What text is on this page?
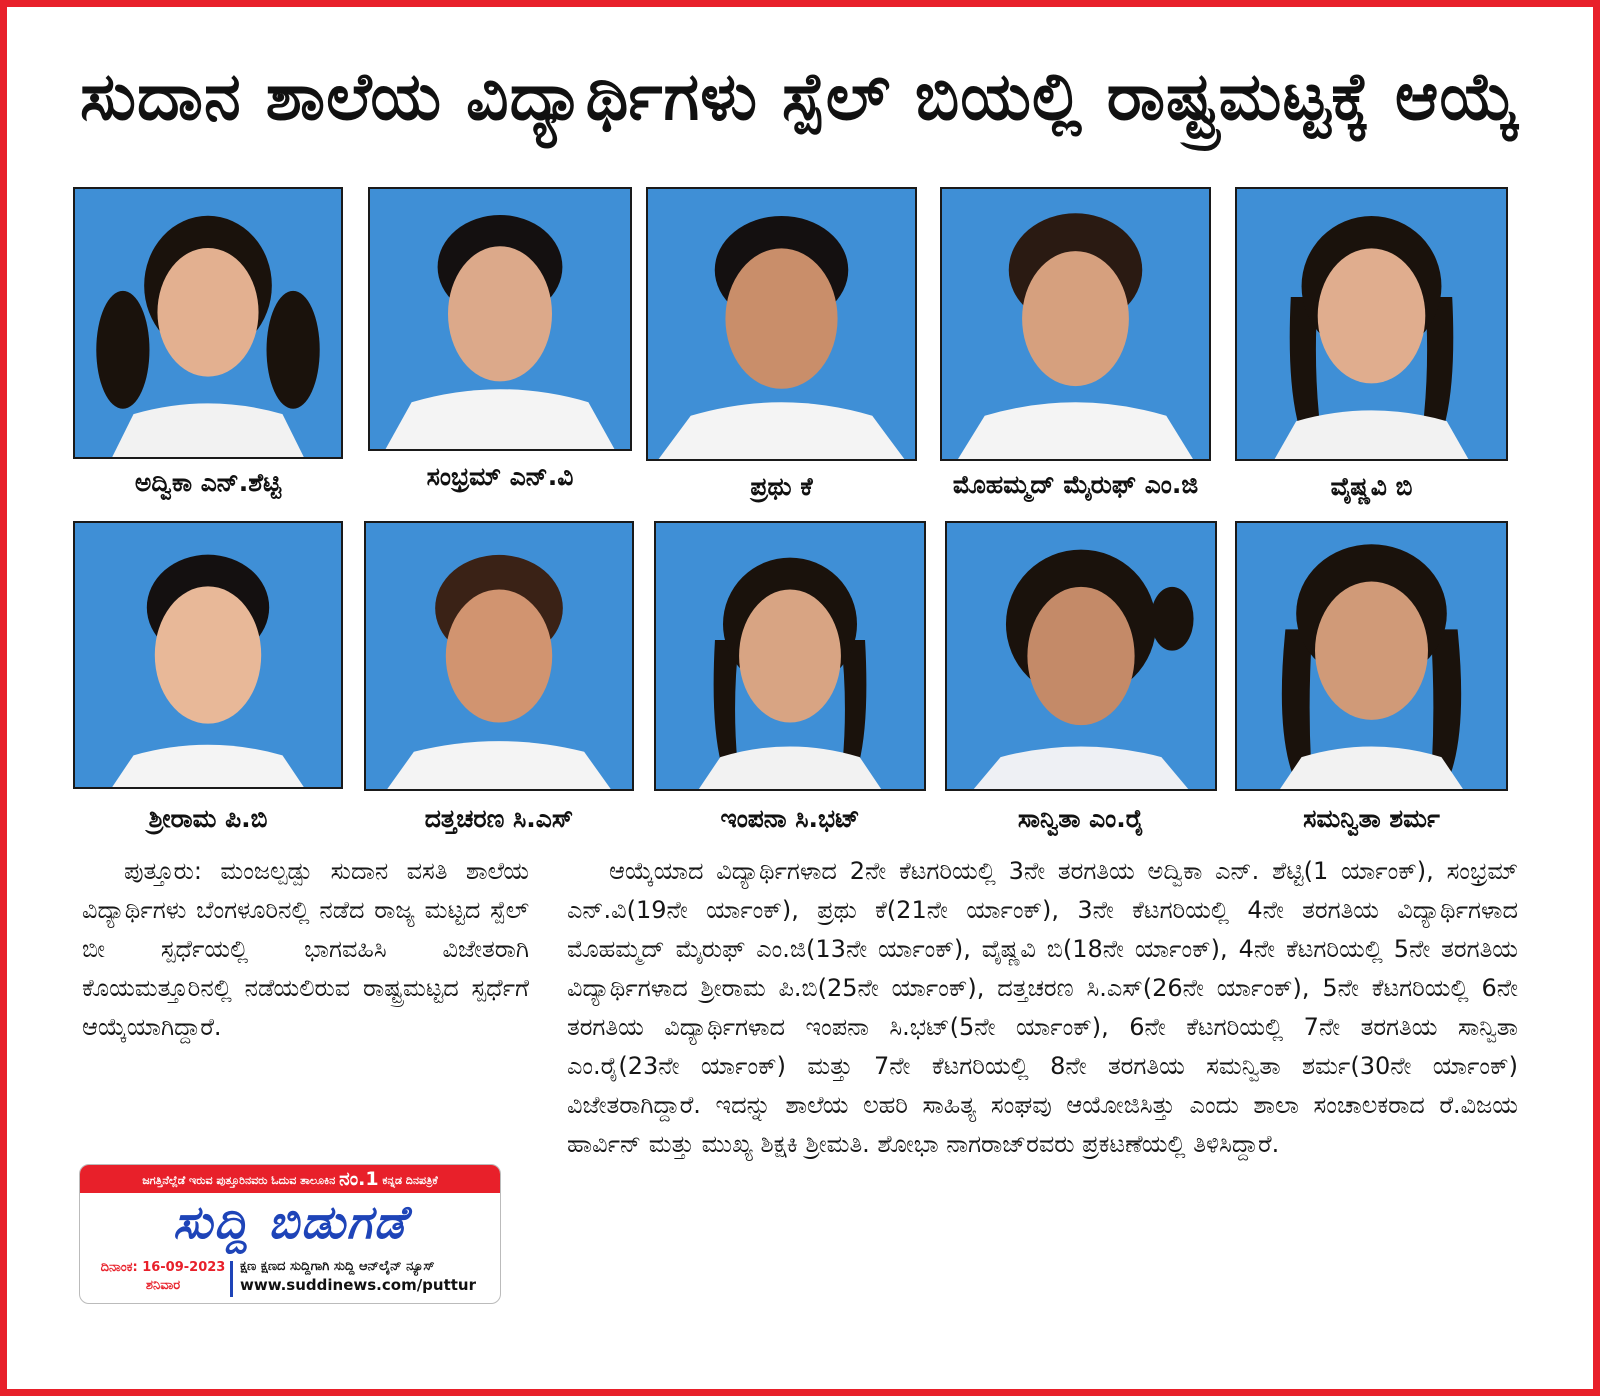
ಸುದಾನ ಶಾಲೆಯ ವಿದ್ಯಾರ್ಥಿಗಳು ಸ್ಪೆಲ್ ಬಿಯಲ್ಲಿ ರಾಷ್ಟ್ರಮಟ್ಟಕ್ಕೆ ಆಯ್ಕೆ
ಅದ್ವಿಕಾ ಎನ್.ಶೆಟ್ಟಿ	ಸಂಭ್ರಮ್ ಎನ್.ವಿ	ಪ್ರಥು ಕೆ	ಮೊಹಮ್ಮದ್ ಮೈರುಫ್ ಎಂ.ಜಿ	ವೈಷ್ಣವಿ ಬಿ
ಶ್ರೀರಾಮ ಪಿ.ಬಿ	ದತ್ತಚರಣ ಸಿ.ಎಸ್	ಇಂಪನಾ ಸಿ.ಭಟ್	ಸಾನ್ವಿತಾ ಎಂ.ರೈ	ಸಮನ್ವಿತಾ ಶರ್ಮ
ಪುತ್ತೂರು: ಮಂಜಲ್ಪಡ್ಪು ಸುದಾನ ವಸತಿ ಶಾಲೆಯ ವಿದ್ಯಾರ್ಥಿಗಳು ಬೆಂಗಳೂರಿನಲ್ಲಿ ನಡೆದ ರಾಜ್ಯ ಮಟ್ಟದ ಸ್ಪೆಲ್ ಬೀ ಸ್ಪರ್ಧೆಯಲ್ಲಿ ಭಾಗವಹಿಸಿ ವಿಜೇತರಾಗಿ ಕೊಯಮತ್ತೂರಿನಲ್ಲಿ ನಡೆಯಲಿರುವ ರಾಷ್ಟ್ರಮಟ್ಟದ ಸ್ಪರ್ಧೆಗೆ ಆಯ್ಕೆಯಾಗಿದ್ದಾರೆ.
ಆಯ್ಕೆಯಾದ ವಿದ್ಯಾರ್ಥಿಗಳಾದ 2ನೇ ಕೆಟಗರಿಯಲ್ಲಿ 3ನೇ ತರಗತಿಯ ಅದ್ವಿಕಾ ಎನ್. ಶೆಟ್ಟಿ(1 ರ್ಯಾಂಕ್), ಸಂಭ್ರಮ್ ಎನ್.ವಿ(19ನೇ ರ್ಯಾಂಕ್), ಪ್ರಥು ಕೆ(21ನೇ ರ್ಯಾಂಕ್), 3ನೇ ಕೆಟಗರಿಯಲ್ಲಿ 4ನೇ ತರಗತಿಯ ವಿದ್ಯಾರ್ಥಿಗಳಾದ ಮೊಹಮ್ಮದ್ ಮೈರುಫ್ ಎಂ.ಜಿ(13ನೇ ರ್ಯಾಂಕ್), ವೈಷ್ಣವಿ ಬಿ(18ನೇ ರ್ಯಾಂಕ್), 4ನೇ ಕೆಟಗರಿಯಲ್ಲಿ 5ನೇ ತರಗತಿಯ ವಿದ್ಯಾರ್ಥಿಗಳಾದ ಶ್ರೀರಾಮ ಪಿ.ಬಿ(25ನೇ ರ್ಯಾಂಕ್), ದತ್ತಚರಣ ಸಿ.ಎಸ್(26ನೇ ರ್ಯಾಂಕ್), 5ನೇ ಕೆಟಗರಿಯಲ್ಲಿ 6ನೇ ತರಗತಿಯ ವಿದ್ಯಾರ್ಥಿಗಳಾದ ಇಂಪನಾ ಸಿ.ಭಟ್(5ನೇ ರ್ಯಾಂಕ್), 6ನೇ ಕೆಟಗರಿಯಲ್ಲಿ 7ನೇ ತರಗತಿಯ ಸಾನ್ವಿತಾ ಎಂ.ರೈ(23ನೇ ರ್ಯಾಂಕ್) ಮತ್ತು 7ನೇ ಕೆಟಗರಿಯಲ್ಲಿ 8ನೇ ತರಗತಿಯ ಸಮನ್ವಿತಾ ಶರ್ಮ(30ನೇ ರ್ಯಾಂಕ್) ವಿಜೇತರಾಗಿದ್ದಾರೆ. ಇದನ್ನು ಶಾಲೆಯ ಲಹರಿ ಸಾಹಿತ್ಯ ಸಂಘವು ಆಯೋಜಿಸಿತ್ತು ಎಂದು ಶಾಲಾ ಸಂಚಾಲಕರಾದ ರೆ.ವಿಜಯ ಹಾರ್ವಿನ್ ಮತ್ತು ಮುಖ್ಯ ಶಿಕ್ಷಕಿ ಶ್ರೀಮತಿ. ಶೋಭಾ ನಾಗರಾಜ್‌ರವರು ಪ್ರಕಟಣೆಯಲ್ಲಿ ತಿಳಿಸಿದ್ದಾರೆ.
ಜಗತ್ತಿನೆಲ್ಲೆಡೆ ಇರುವ ಪುತ್ತೂರಿನವರು ಓದುವ ತಾಲೂಕಿನ ನಂ.1 ಕನ್ನಡ ದಿನಪತ್ರಿಕೆ
ಸುದ್ದಿ ಬಿಡುಗಡೆ
ದಿನಾಂಕ: 16-09-2023
ಶನಿವಾರ
ಕ್ಷಣ ಕ್ಷಣದ ಸುದ್ದಿಗಾಗಿ ಸುದ್ದಿ ಆನ್‌ಲೈನ್ ನ್ಯೂಸ್
www.suddinews.com/puttur
